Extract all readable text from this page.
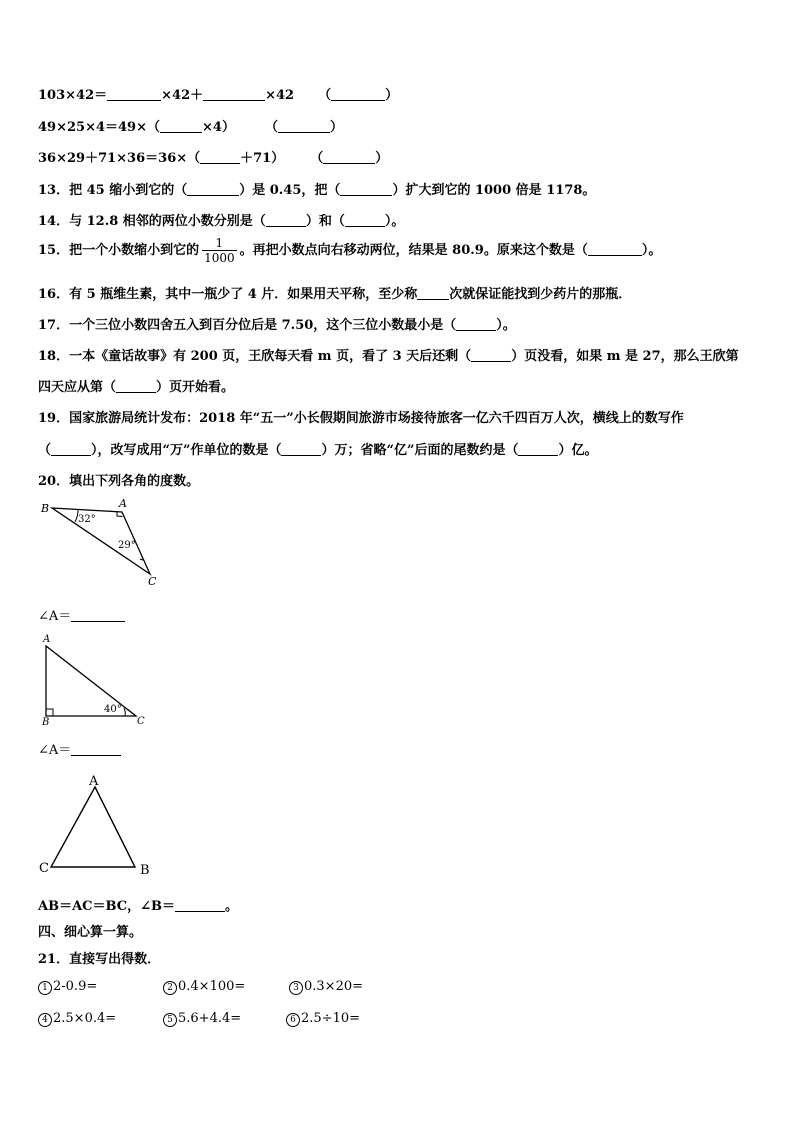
103×42＝	×42＋	×42 （	）
49×25×4＝49×（	×4） （	）
36×29＋71×36＝36×（	＋71） （	）
13．把 45 缩小到它的（	）是 0.45，把（	）扩大到它的 1000 倍是 1178。
14．与 12.8 相邻的两位小数分别是（	）和（	）。
15．把一个小数缩小到它的 $\frac{1}{1000}$ 。再把小数点向右移动两位，结果是 80.9。原来这个数是（	）。
16．有 5 瓶维生素，其中一瓶少了 4 片．如果用天平称，至少称 次就保证能找到少药片的那瓶．
17．一个三位小数四舍五入到百分位后是 7.50，这个三位小数最小是（	）。
18．一本《童话故事》有 200 页，王欣每天看 m 页，看了 3 天后还剩（	）页没看，如果 m 是 27，那么王欣第
四天应从第（	）页开始看。
19．国家旅游局统计发布：2018 年“五一”小长假期间旅游市场接待旅客一亿六千四百万人次，横线上的数写作
（	），改写成用“万”作单位的数是（	）万；省略“亿”后面的尾数约是（	）亿。
20．填出下列各角的度数。
B	A
C
32°
29°
∠A＝
A
B	C
40°
∠A＝
A
C	B
AB＝AC＝BC，∠B＝	。
四、细心算一算。
21．直接写出得数．
1 2-0.9=	2 0.4×100=	3 0.3×20=
4 2.5×0.4=	5 5.6+4.4=	6 2.5÷10=
